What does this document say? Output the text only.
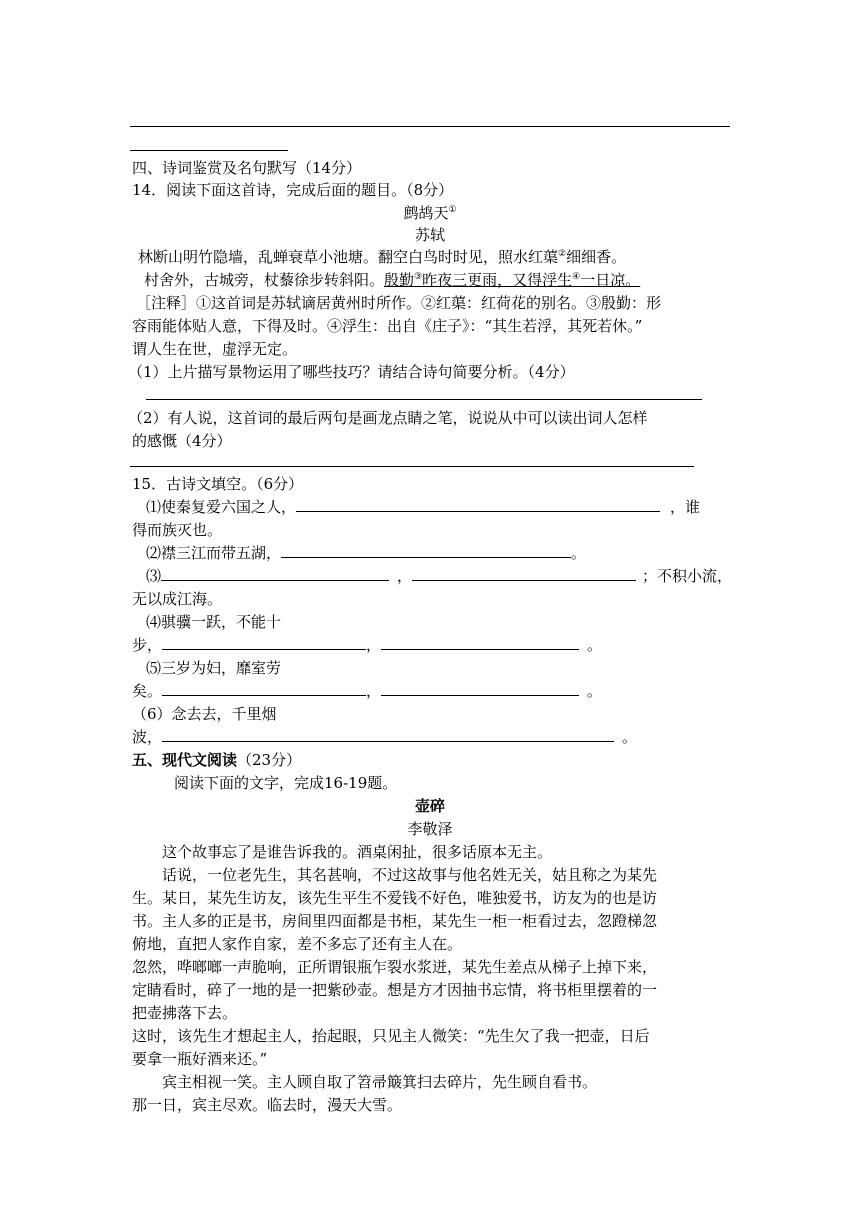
四、诗词鉴赏及名句默写（14分）
14．阅读下面这首诗，完成后面的题目。（8分）
鹧鸪天①
苏轼
林断山明竹隐墙，乱蝉衰草小池塘。翻空白鸟时时见，照水红蕖②细细香。
村舍外，古城旁，杖藜徐步转斜阳。殷勤③昨夜三更雨，又得浮生④一日凉。
［注释］①这首词是苏轼谪居黄州时所作。②红蕖：红荷花的别名。③殷勤：形
容雨能体贴人意，下得及时。④浮生：出自《庄子》：“其生若浮，其死若休。”
谓人生在世，虚浮无定。
（1）上片描写景物运用了哪些技巧？请结合诗句简要分析。（4分）
（2）有人说，这首词的最后两句是画龙点睛之笔，说说从中可以读出词人怎样
的感慨（4分）
15．古诗文填空。（6分）
⑴使秦复爱六国之人，	，谁
得而族灭也。
⑵襟三江而带五湖，	。
⑶	，	；不积小流，
无以成江海。
⑷骐骥一跃，不能十
步，	，	。
⑸三岁为妇，靡室劳
矣。	，	。
（6）念去去，千里烟
波，	。
五、现代文阅读（23分）
阅读下面的文字，完成16-19题。
壶碎
李敬泽
这个故事忘了是谁告诉我的。酒桌闲扯，很多话原本无主。
话说，一位老先生，其名甚响，不过这故事与他名姓无关，姑且称之为某先
生。某日，某先生访友，该先生平生不爱钱不好色，唯独爱书，访友为的也是访
书。主人多的正是书，房间里四面都是书柜，某先生一柜一柜看过去，忽蹬梯忽
俯地，直把人家作自家，差不多忘了还有主人在。
忽然，哗啷啷一声脆响，正所谓银瓶乍裂水浆迸，某先生差点从梯子上掉下来，
定睛看时，碎了一地的是一把紫砂壶。想是方才因抽书忘情，将书柜里摆着的一
把壶拂落下去。
这时，该先生才想起主人，抬起眼，只见主人微笑：“先生欠了我一把壶，日后
要拿一瓶好酒来还。”
宾主相视一笑。主人顾自取了笤帚簸箕扫去碎片，先生顾自看书。
那一日，宾主尽欢。临去时，漫天大雪。
